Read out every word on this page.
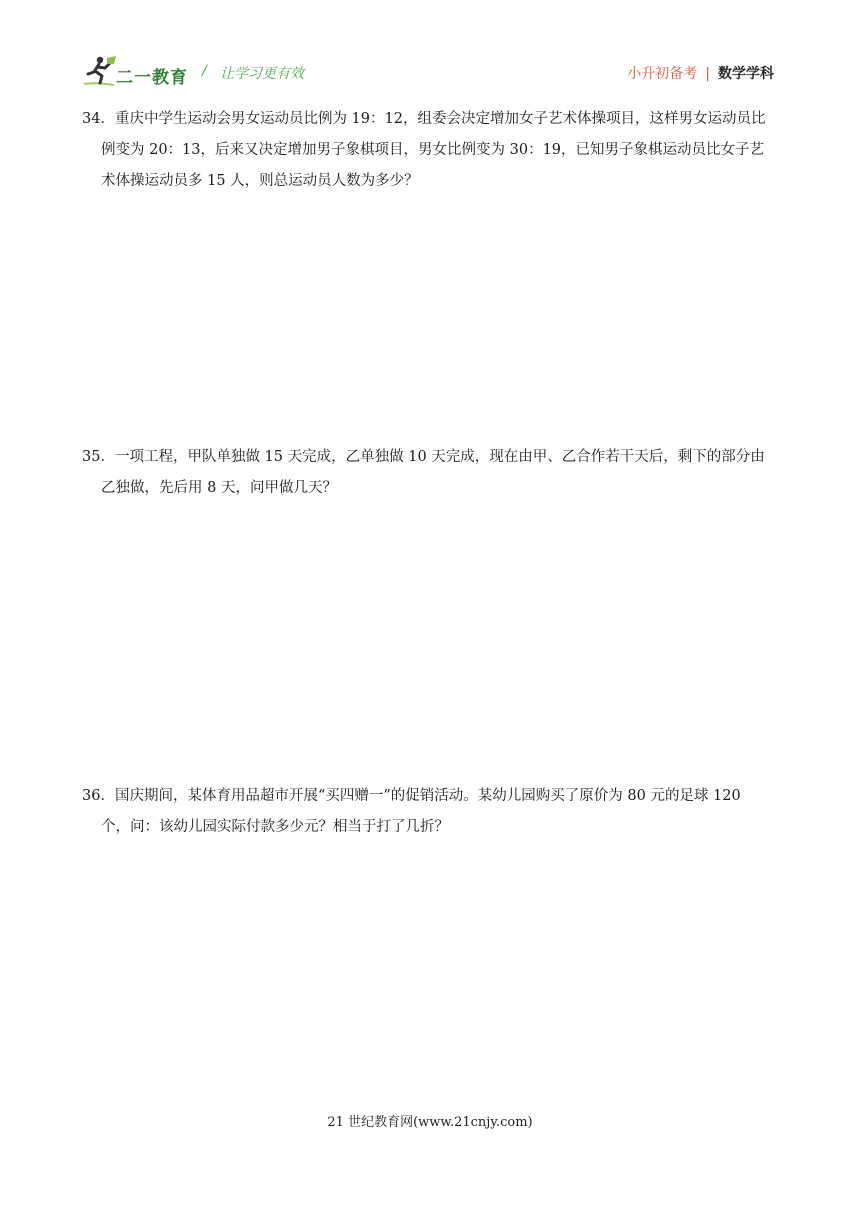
二一教育 / 让学习更有效	小升初备考 | 数学学科
34．重庆中学生运动会男女运动员比例为 19：12，组委会决定增加女子艺术体操项目，这样男女运动员比
例变为 20：13，后来又决定增加男子象棋项目，男女比例变为 30：19，已知男子象棋运动员比女子艺
术体操运动员多 15 人，则总运动员人数为多少？
35．一项工程，甲队单独做 15 天完成，乙单独做 10 天完成，现在由甲、乙合作若干天后，剩下的部分由
乙独做，先后用 8 天，问甲做几天？
36．国庆期间，某体育用品超市开展“买四赠一”的促销活动。某幼儿园购买了原价为 80 元的足球 120
个，问：该幼儿园实际付款多少元？相当于打了几折？
21 世纪教育网(www.21cnjy.com)
